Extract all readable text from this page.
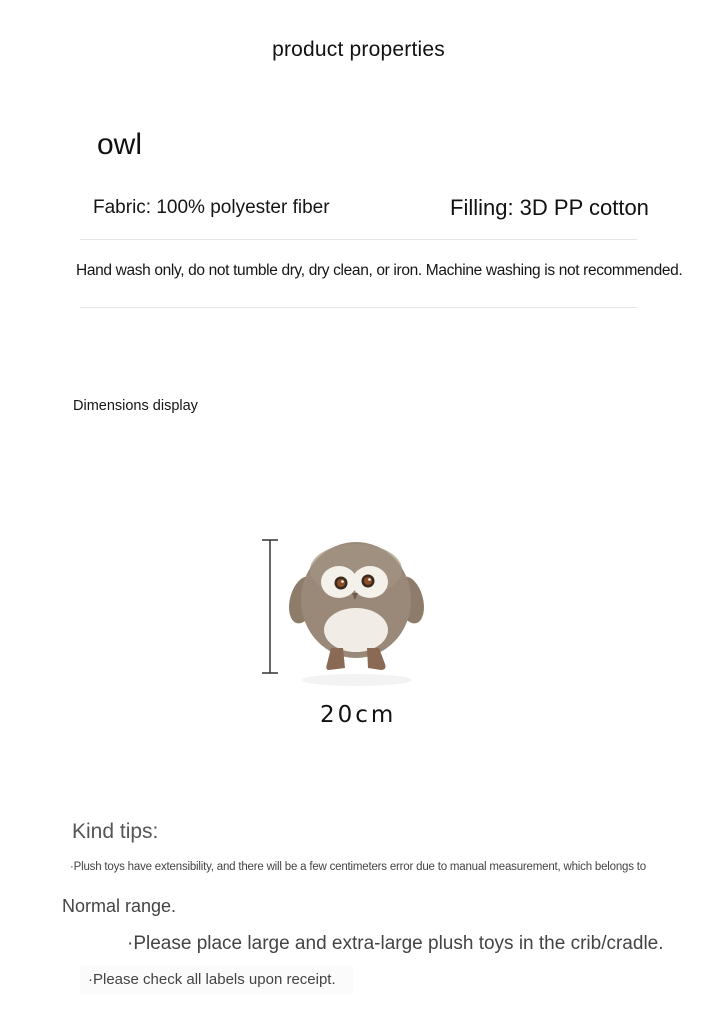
product properties
owl
Fabric: 100% polyester fiber	Filling: 3D PP cotton
Hand wash only, do not tumble dry, dry clean, or iron. Machine washing is not recommended.
Dimensions display
20cm
Kind tips:
·Plush toys have extensibility, and there will be a few centimeters error due to manual measurement, which belongs to
Normal range.
·Please place large and extra-large plush toys in the crib/cradle.
·Please check all labels upon receipt.
